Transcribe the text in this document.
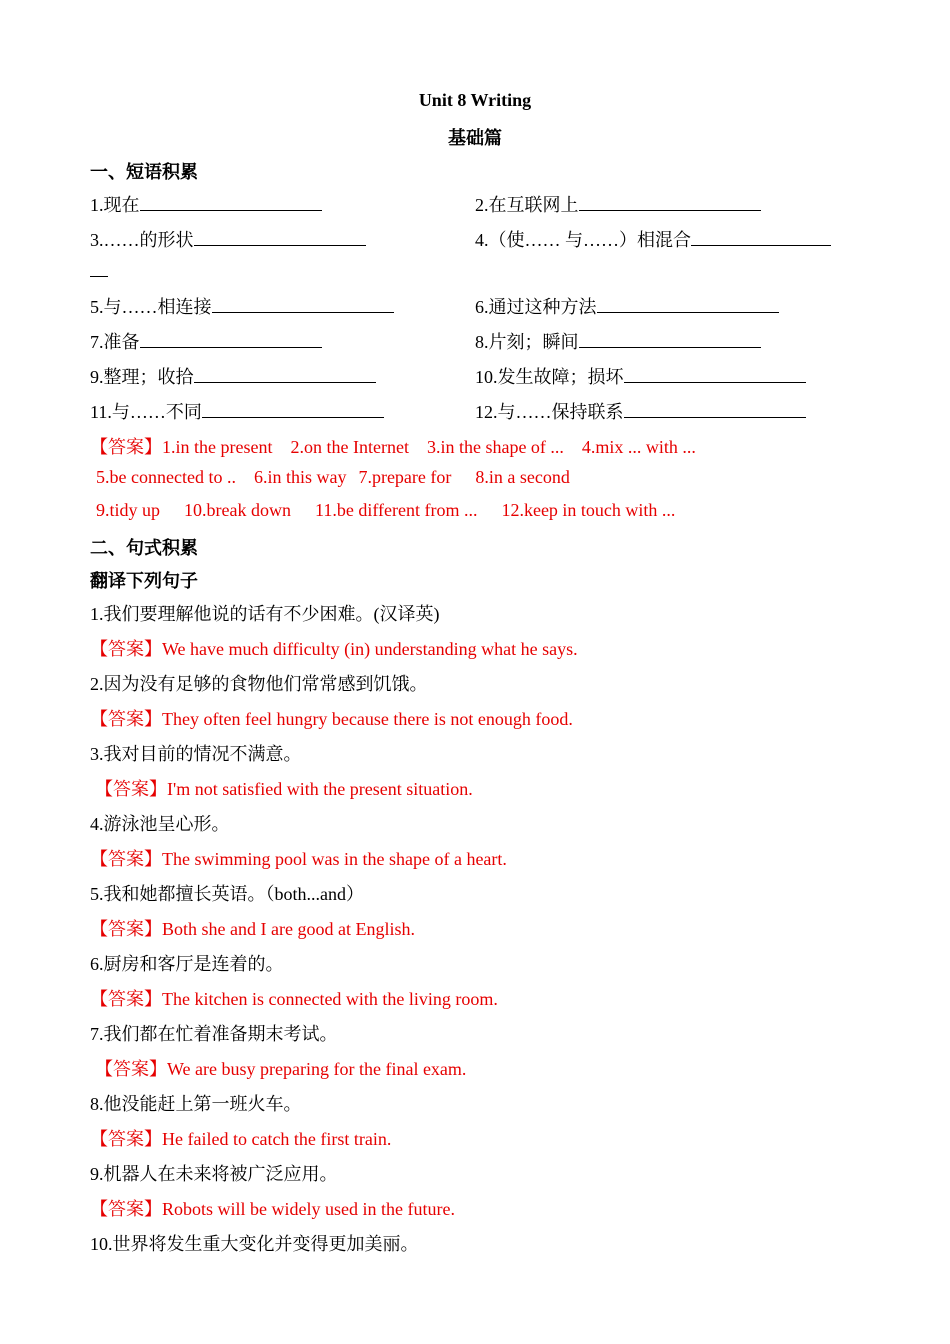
Unit 8 Writing
基础篇
一、短语积累
1.现在	2.在互联网上
3.……的形状	4.（使…… 与……）相混合
5.与……相连接	6.通过这种方法
7.准备	8.片刻；瞬间
9.整理；收拾	10.发生故障；损坏
11.与……不同	12.与……保持联系
【答案】1.in the present 2.on the Internet 3.in the shape of ... 4.mix ... with ...
5.be connected to .. 6.in this way 7.prepare for 8.in a second
9.tidy up 10.break down 11.be different from ... 12.keep in touch with ...
二、句式积累
翻译下列句子
1.我们要理解他说的话有不少困难。(汉译英)
【答案】We have much difficulty (in) understanding what he says.
2.因为没有足够的食物他们常常感到饥饿。
【答案】They often feel hungry because there is not enough food.
3.我对目前的情况不满意。
【答案】I'm not satisfied with the present situation.
4.游泳池呈心形。
【答案】The swimming pool was in the shape of a heart.
5.我和她都擅长英语。（both...and）
【答案】Both she and I are good at English.
6.厨房和客厅是连着的。
【答案】The kitchen is connected with the living room.
7.我们都在忙着准备期末考试。
【答案】We are busy preparing for the final exam.
8.他没能赶上第一班火车。
【答案】He failed to catch the first train.
9.机器人在未来将被广泛应用。
【答案】Robots will be widely used in the future.
10.世界将发生重大变化并变得更加美丽。
